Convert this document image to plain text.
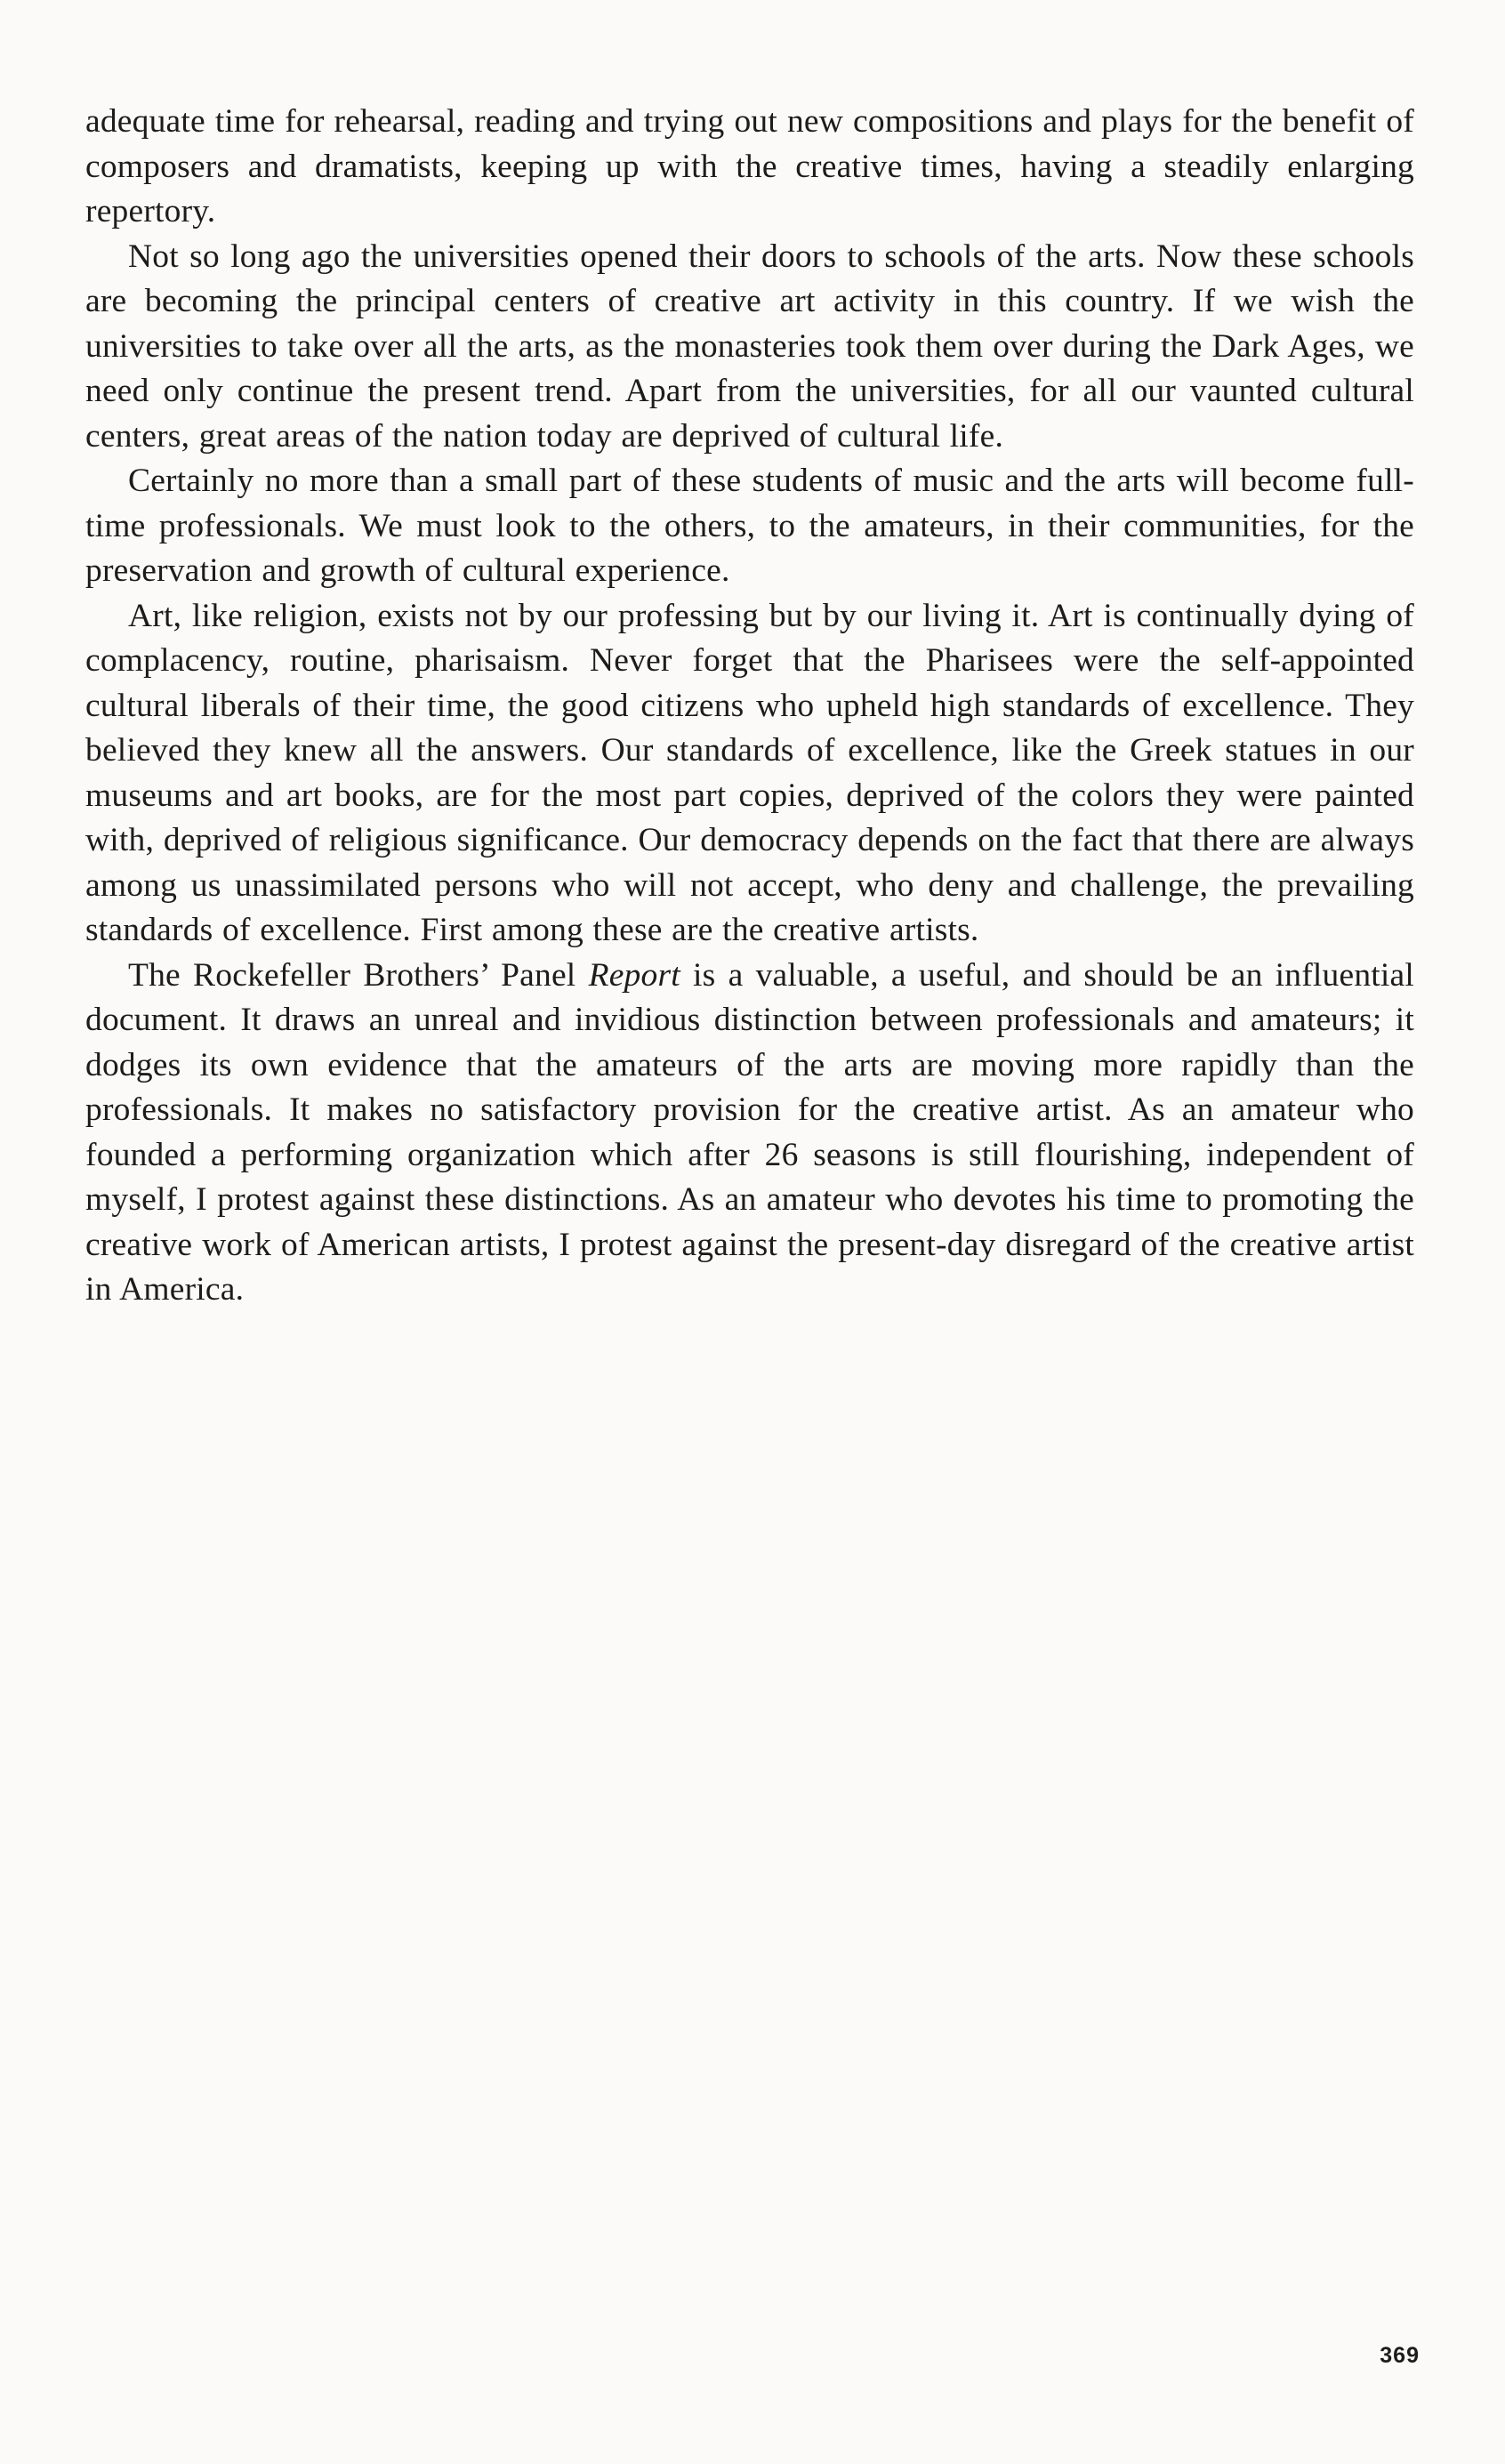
adequate time for rehearsal, reading and trying out new compositions and plays for the benefit of composers and dramatists, keeping up with the creative times, having a steadily enlarging repertory.

Not so long ago the universities opened their doors to schools of the arts. Now these schools are becoming the principal centers of creative art activity in this country. If we wish the universities to take over all the arts, as the monasteries took them over during the Dark Ages, we need only continue the present trend. Apart from the universities, for all our vaunted cultural centers, great areas of the nation today are deprived of cultural life.

Certainly no more than a small part of these students of music and the arts will become full-time professionals. We must look to the others, to the amateurs, in their communities, for the preservation and growth of cultural experience.

Art, like religion, exists not by our professing but by our living it. Art is continually dying of complacency, routine, pharisaism. Never forget that the Pharisees were the self-appointed cultural liberals of their time, the good citizens who upheld high standards of excellence. They believed they knew all the answers. Our standards of excellence, like the Greek statues in our museums and art books, are for the most part copies, deprived of the colors they were painted with, deprived of religious significance. Our democracy depends on the fact that there are always among us unassimilated persons who will not accept, who deny and challenge, the prevailing standards of excellence. First among these are the creative artists.

The Rockefeller Brothers’ Panel Report is a valuable, a useful, and should be an influential document. It draws an unreal and invidious distinction between professionals and amateurs; it dodges its own evidence that the amateurs of the arts are moving more rapidly than the professionals. It makes no satisfactory provision for the creative artist. As an amateur who founded a performing organization which after 26 seasons is still flourishing, independent of myself, I protest against these distinctions. As an amateur who devotes his time to promoting the creative work of American artists, I protest against the present-day disregard of the creative artist in America.

369
